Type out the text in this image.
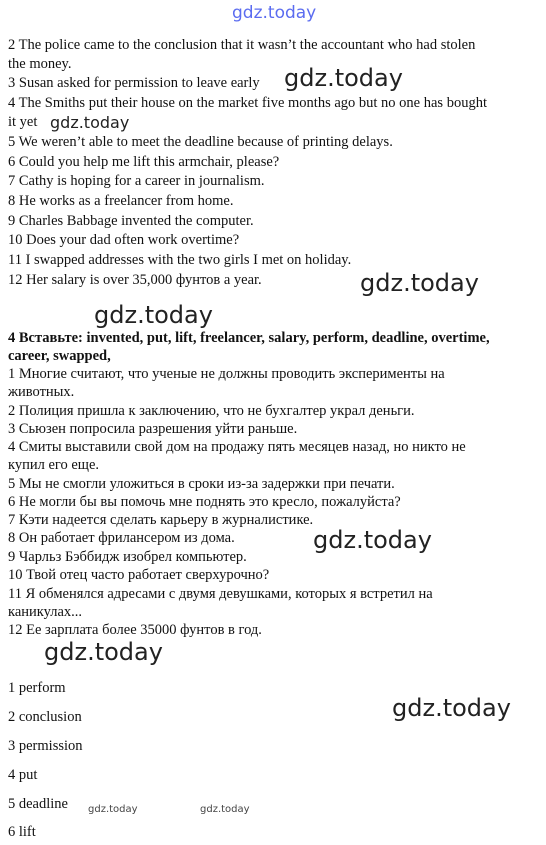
gdz.today
2 The police came to the conclusion that it wasn’t the accountant who had stolen
the money.
3 Susan asked for permission to leave early
4 The Smiths put their house on the market five months ago but no one has bought
it yet
5 We weren’t able to meet the deadline because of printing delays.
6 Could you help me lift this armchair, please?
7 Cathy is hoping for a career in journalism.
8 He works as a freelancer from home.
9 Charles Babbage invented the computer.
10 Does your dad often work overtime?
11 I swapped addresses with the two girls I met on holiday.
12 Her salary is over 35,000 фунтов a year.
4 Вставьте: invented, put, lift, freelancer, salary, perform, deadline, overtime,
career, swapped,
1 Многие считают, что ученые не должны проводить эксперименты на
животных.
2 Полиция пришла к заключению, что не бухгалтер украл деньги.
3 Сьюзен попросила разрешения уйти раньше.
4 Смиты выставили свой дом на продажу пять месяцев назад, но никто не
купил его еще.
5 Мы не смогли уложиться в сроки из-за задержки при печати.
6 Не могли бы вы помочь мне поднять это кресло, пожалуйста?
7 Кэти надеется сделать карьеру в журналистике.
8 Он работает фрилансером из дома.
9 Чарльз Бэббидж изобрел компьютер.
10 Твой отец часто работает сверхурочно?
11 Я обменялся адресами с двумя девушками, которых я встретил на
каникулах...
12 Ее зарплата более 35000 фунтов в год.
1 perform
2 conclusion
3 permission
4 put
5 deadline
6 lift
gdz.today
gdz.today
gdz.today
gdz.today
gdz.today
gdz.today
gdz.today
gdz.today	gdz.today
